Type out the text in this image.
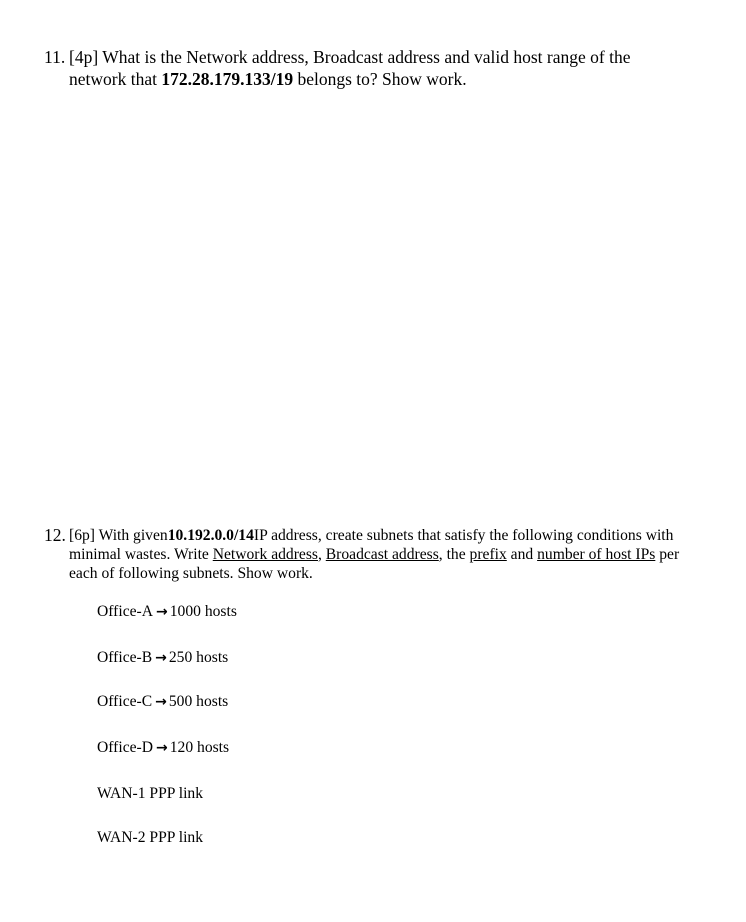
11. [4p] What is the Network address, Broadcast address and valid host range of the
network that 172.28.179.133/19 belongs to? Show work.
12. [6p] With given 10.192.0.0/14 IP address, create subnets that satisfy the following conditions with
minimal wastes. Write Network address, Broadcast address, the prefix and number of host IPs per
each of following subnets. Show work.
Office-A → 1000 hosts
Office-B → 250 hosts
Office-C → 500 hosts
Office-D → 120 hosts
WAN-1 PPP link
WAN-2 PPP link
